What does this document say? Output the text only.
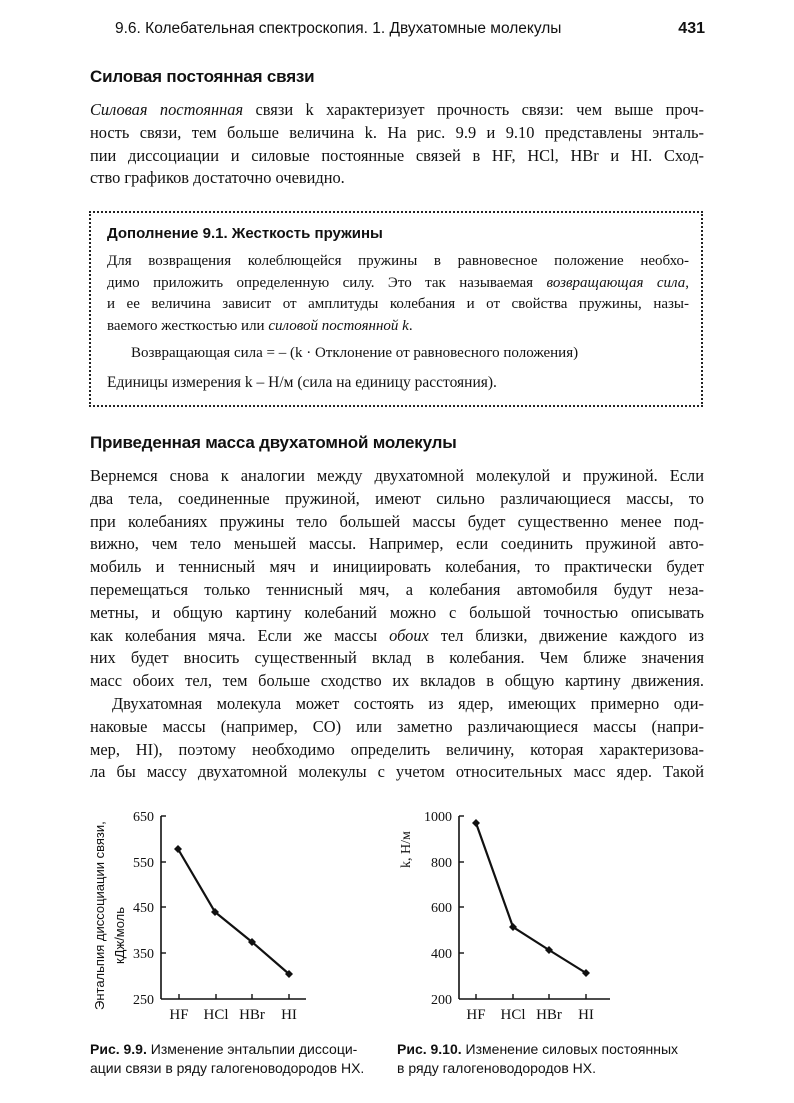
9.6. Колебательная спектроскопия. 1. Двухатомные молекулы	431
Силовая постоянная связи
Силовая постоянная связи k характеризует прочность связи: чем выше проч-
ность связи, тем больше величина k. На рис. 9.9 и 9.10 представлены энталь-
пии диссоциации и силовые постоянные связей в HF, HCl, HBr и HI. Сход-
ство графиков достаточно очевидно.
Дополнение 9.1. Жесткость пружины
Для возвращения колеблющейся пружины в равновесное положение необхо-
димо приложить определенную силу. Это так называемая возвращающая сила,
и ее величина зависит от амплитуды колебания и от свойства пружины, назы-
ваемого жесткостью или силовой постоянной k.
Возвращающая сила = – (k · Отклонение от равновесного положения)
Единицы измерения k – Н/м (сила на единицу расстояния).
Приведенная масса двухатомной молекулы
Вернемся снова к аналогии между двухатомной молекулой и пружиной. Если
два тела, соединенные пружиной, имеют сильно различающиеся массы, то
при колебаниях пружины тело большей массы будет существенно менее под-
вижно, чем тело меньшей массы. Например, если соединить пружиной авто-
мобиль и теннисный мяч и инициировать колебания, то практически будет
перемещаться только теннисный мяч, а колебания автомобиля будут неза-
метны, и общую картину колебаний можно с большой точностью описывать
как колебания мяча. Если же массы обоих тел близки, движение каждого из
них будет вносить существенный вклад в колебания. Чем ближе значения
масс обоих тел, тем больше сходство их вкладов в общую картину движения.
Двухатомная молекула может состоять из ядер, имеющих примерно оди-
наковые массы (например, CO) или заметно различающиеся массы (напри-
мер, HI), поэтому необходимо определить величину, которая характеризова-
ла бы массу двухатомной молекулы с учетом относительных масс ядер. Такой
Энтальпия диссоциации связи, кДж/моль
650
550
450
350
250
HF HCl HBr HI
k, Н/м
1000
800
600
400
200
HF HCl HBr HI
Рис. 9.9. Изменение энтальпии диссоци-
ации связи в ряду галогеноводородов HX.
Рис. 9.10. Изменение силовых постоянных
в ряду галогеноводородов HX.
